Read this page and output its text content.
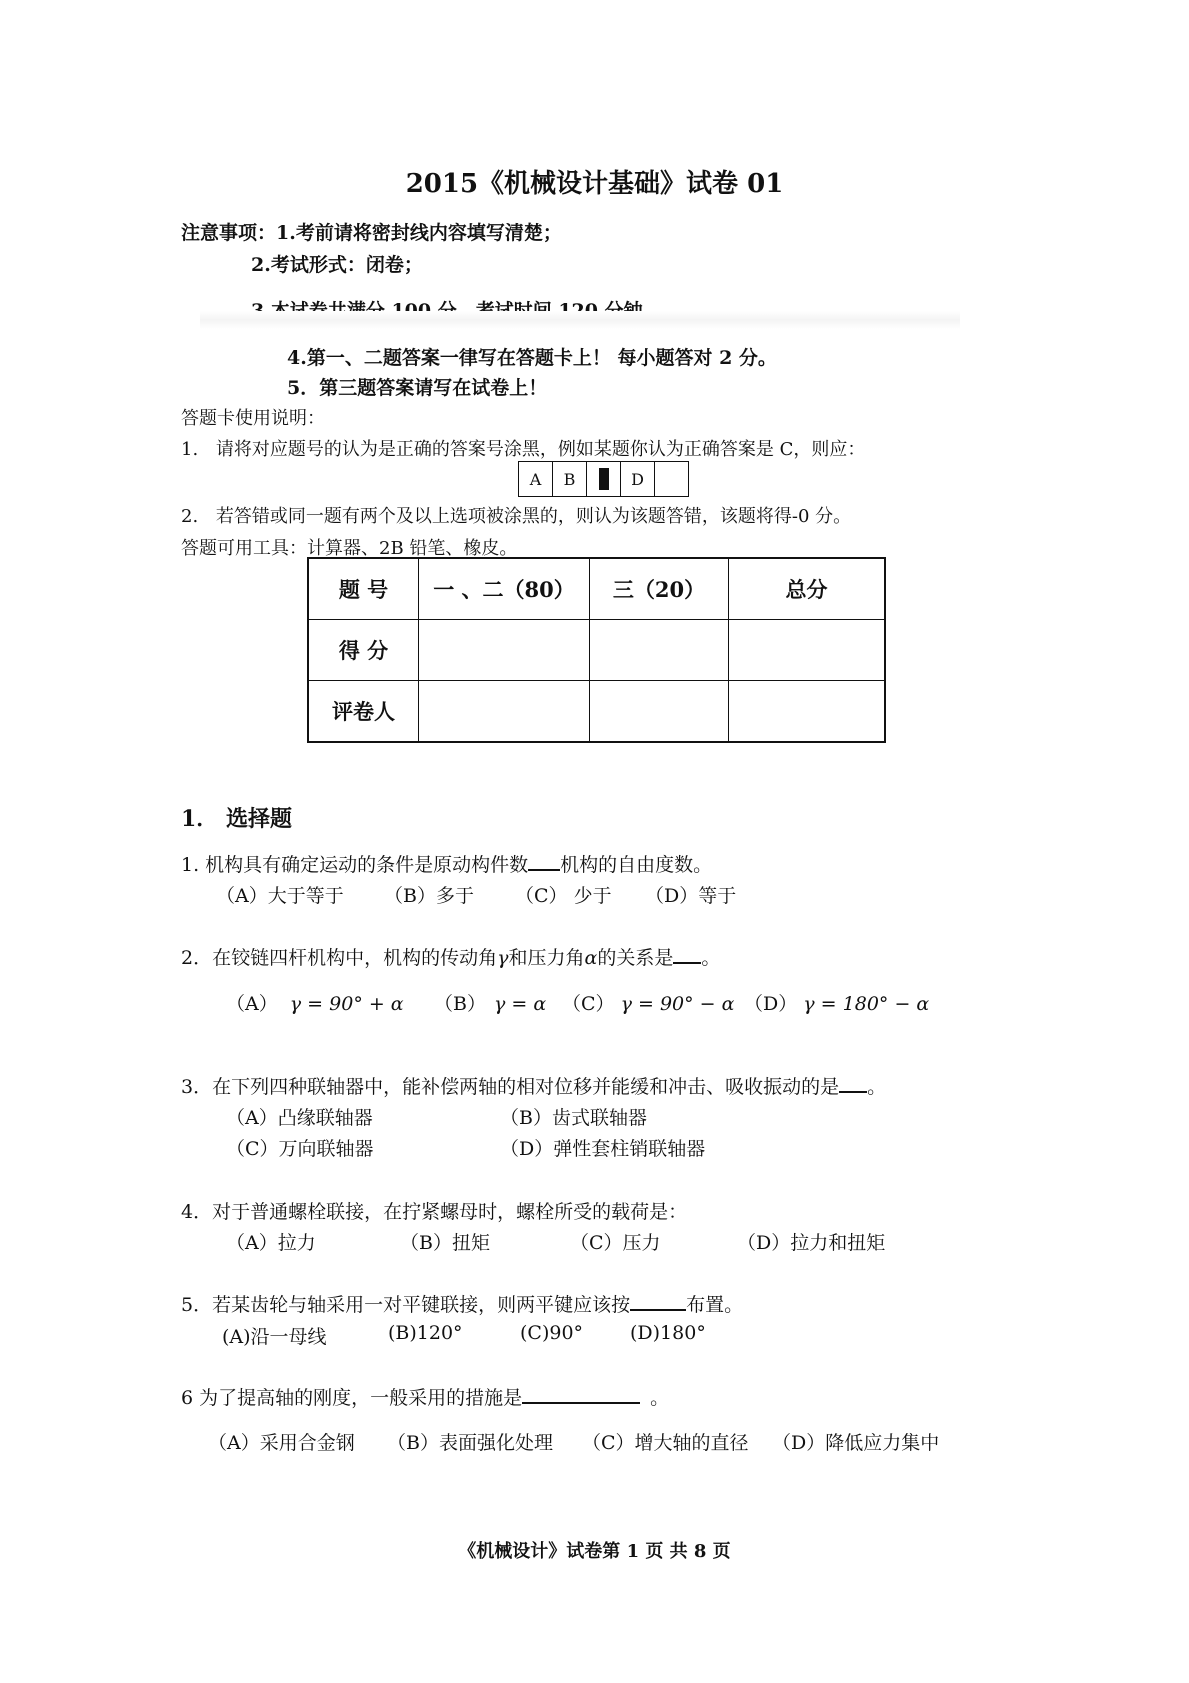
2015《机械设计基础》试卷 01
注意事项：1.考前请将密封线内容填写清楚；
2.考试形式：闭卷；
4.第一、二题答案一律写在答题卡上！ 每小题答对 2 分。
5．第三题答案请写在试卷上！
答题卡使用说明：
1. 请将对应题号的认为是正确的答案号涂黑，例如某题你认为正确答案是 C，则应：
A	B	D
2. 若答错或同一题有两个及以上选项被涂黑的，则认为该题答错，该题将得-0 分。
答题可用工具：计算器、2B 铅笔、橡皮。
题 号	一 、二（80）	三（20）	总分
得 分			
评卷人			
1． 选择题
1. 机构具有确定运动的条件是原动构件数 机构的自由度数。
（A）大于等于 （B）多于 （C） 少于 （D）等于
2．在铰链四杆机构中，机构的传动角γ和压力角α的关系是 。
（A） γ = 90° + α （B） γ = α （C） γ = 90° − α （D） γ = 180° − α
3．在下列四种联轴器中，能补偿两轴的相对位移并能缓和冲击、吸收振动的是 。
（A）凸缘联轴器	（B）齿式联轴器
（C）万向联轴器	（D）弹性套柱销联轴器
4．对于普通螺栓联接，在拧紧螺母时，螺栓所受的载荷是：
（A）拉力	（B）扭矩	（C）压力	（D）拉力和扭矩
5．若某齿轮与轴采用一对平键联接，则两平键应该按	布置。
(A)沿一母线	(B)120°	(C)90° (D)180°
6 为了提高轴的刚度，一般采用的措施是	。
（A）采用合金钢 （B）表面强化处理 （C）增大轴的直径 （D）降低应力集中
《机械设计》试卷第 1 页 共 8 页
